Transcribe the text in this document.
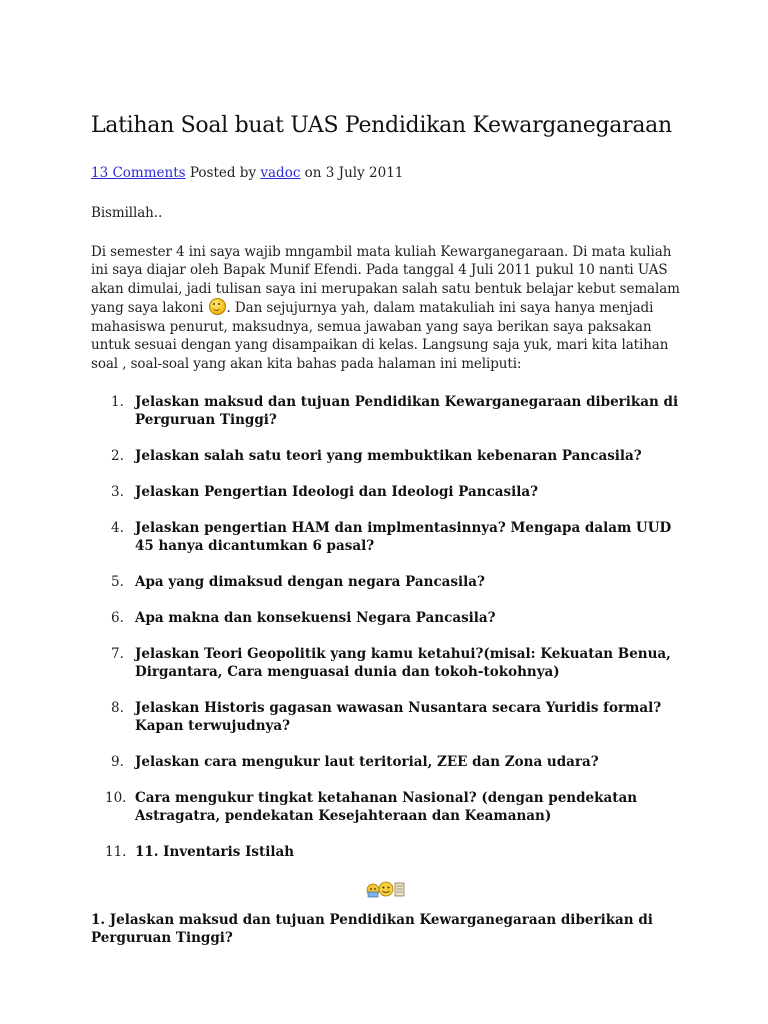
Latihan Soal buat UAS Pendidikan Kewarganegaraan

13 Comments Posted by vadoc on 3 July 2011

Bismillah..

Di semester 4 ini saya wajib mngambil mata kuliah Kewarganegaraan. Di mata kuliah ini saya diajar oleh Bapak Munif Efendi. Pada tanggal 4 Juli 2011 pukul 10 nanti UAS akan dimulai, jadi tulisan saya ini merupakan salah satu bentuk belajar kebut semalam yang saya lakoni . Dan sejujurnya yah, dalam matakuliah ini saya hanya menjadi mahasiswa penurut, maksudnya, semua jawaban yang saya berikan saya paksakan untuk sesuai dengan yang disampaikan di kelas. Langsung saja yuk, mari kita latihan soal , soal-soal yang akan kita bahas pada halaman ini meliputi:

1. Jelaskan maksud dan tujuan Pendidikan Kewarganegaraan diberikan di Perguruan Tinggi?
2. Jelaskan salah satu teori yang membuktikan kebenaran Pancasila?
3. Jelaskan Pengertian Ideologi dan Ideologi Pancasila?
4. Jelaskan pengertian HAM dan implmentasinnya? Mengapa dalam UUD 45 hanya dicantumkan 6 pasal?
5. Apa yang dimaksud dengan negara Pancasila?
6. Apa makna dan konsekuensi Negara Pancasila?
7. Jelaskan Teori Geopolitik yang kamu ketahui?(misal: Kekuatan Benua, Dirgantara, Cara menguasai dunia dan tokoh-tokohnya)
8. Jelaskan Historis gagasan wawasan Nusantara secara Yuridis formal? Kapan terwujudnya?
9. Jelaskan cara mengukur laut teritorial, ZEE dan Zona udara?
10. Cara mengukur tingkat ketahanan Nasional? (dengan pendekatan Astragatra, pendekatan Kesejahteraan dan Keamanan)
11. 11. Inventaris Istilah

1. Jelaskan maksud dan tujuan Pendidikan Kewarganegaraan diberikan di Perguruan Tinggi?
